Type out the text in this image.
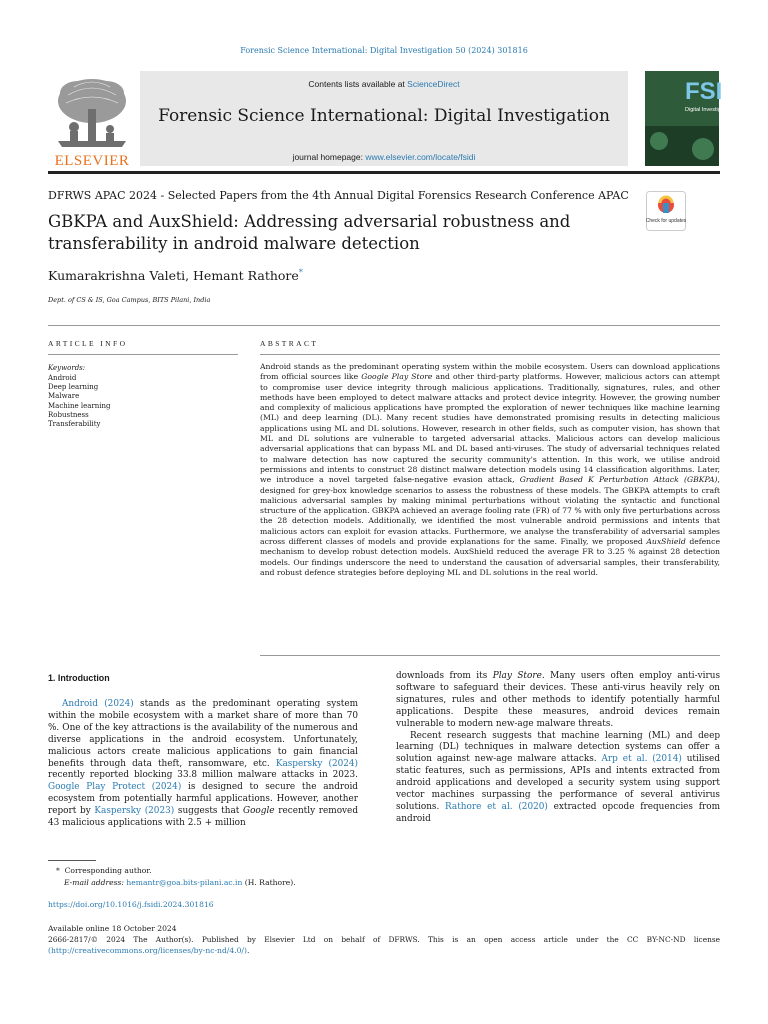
Forensic Science International: Digital Investigation 50 (2024) 301816
ELSEVIER
Contents lists available at ScienceDirect
Forensic Science International: Digital Investigation
journal homepage: www.elsevier.com/locate/fsidi
FSI
Digital Investigation
DFRWS APAC 2024 - Selected Papers from the 4th Annual Digital Forensics Research Conference APAC
GBKPA and AuxShield: Addressing adversarial robustness and
transferability in android malware detection
Check for updates
Kumarakrishna Valeti, Hemant Rathore*
Dept. of CS & IS, Goa Campus, BITS Pilani, India
ARTICLE INFO
Keywords:
Android
Deep learning
Malware
Machine learning
Robustness
Transferability
ABSTRACT
Android stands as the predominant operating system within the mobile ecosystem. Users can download applications from official sources like Google Play Store and other third-party platforms. However, malicious actors can attempt to compromise user device integrity through malicious applications. Traditionally, signatures, rules, and other methods have been employed to detect malware attacks and protect device integrity. However, the growing number and complexity of malicious applications have prompted the exploration of newer techniques like machine learning (ML) and deep learning (DL). Many recent studies have demonstrated promising results in detecting malicious applications using ML and DL solutions. However, research in other fields, such as computer vision, has shown that ML and DL solutions are vulnerable to targeted adversarial attacks. Malicious actors can develop malicious adversarial applications that can bypass ML and DL based anti-viruses. The study of adversarial techniques related to malware detection has now captured the security community's attention. In this work, we utilise android permissions and intents to construct 28 distinct malware detection models using 14 classification algorithms. Later, we introduce a novel targeted false-negative evasion attack, Gradient Based K Perturbation Attack (GBKPA), designed for grey-box knowledge scenarios to assess the robustness of these models. The GBKPA attempts to craft malicious adversarial samples by making minimal perturbations without violating the syntactic and functional structure of the application. GBKPA achieved an average fooling rate (FR) of 77 % with only five perturbations across the 28 detection models. Additionally, we identified the most vulnerable android permissions and intents that malicious actors can exploit for evasion attacks. Furthermore, we analyse the transferability of adversarial samples across different classes of models and provide explanations for the same. Finally, we proposed AuxShield defence mechanism to develop robust detection models. AuxShield reduced the average FR to 3.25 % against 28 detection models. Our findings underscore the need to understand the causation of adversarial samples, their transferability, and robust defence strategies before deploying ML and DL solutions in the real world.
1. Introduction

Android (2024) stands as the predominant operating system within the mobile ecosystem with a market share of more than 70 %. One of the key attractions is the availability of the numerous and diverse applications in the android ecosystem. Unfortunately, malicious actors create malicious applications to gain financial benefits through data theft, ransomware, etc. Kaspersky (2024) recently reported blocking 33.8 million malware attacks in 2023. Google Play Protect (2024) is designed to secure the android ecosystem from potentially harmful applications. However, another report by Kaspersky (2023) suggests that Google recently removed 43 malicious applications with 2.5 + million

downloads from its Play Store. Many users often employ anti-virus software to safeguard their devices. These anti-virus heavily rely on signatures, rules and other methods to identify potentially harmful applications. Despite these measures, android devices remain vulnerable to modern new-age malware threats.

Recent research suggests that machine learning (ML) and deep learning (DL) techniques in malware detection systems can offer a solution against new-age malware attacks. Arp et al. (2014) utilised static features, such as permissions, APIs and intents extracted from android applications and developed a security system using support vector machines surpassing the performance of several antivirus solutions. Rathore et al. (2020) extracted opcode frequencies from android

* Corresponding author.
E-mail address: hemantr@goa.bits-pilani.ac.in (H. Rathore).
https://doi.org/10.1016/j.fsidi.2024.301816
Available online 18 October 2024
2666-2817/© 2024 The Author(s). Published by Elsevier Ltd on behalf of DFRWS. This is an open access article under the CC BY-NC-ND license
(http://creativecommons.org/licenses/by-nc-nd/4.0/).
